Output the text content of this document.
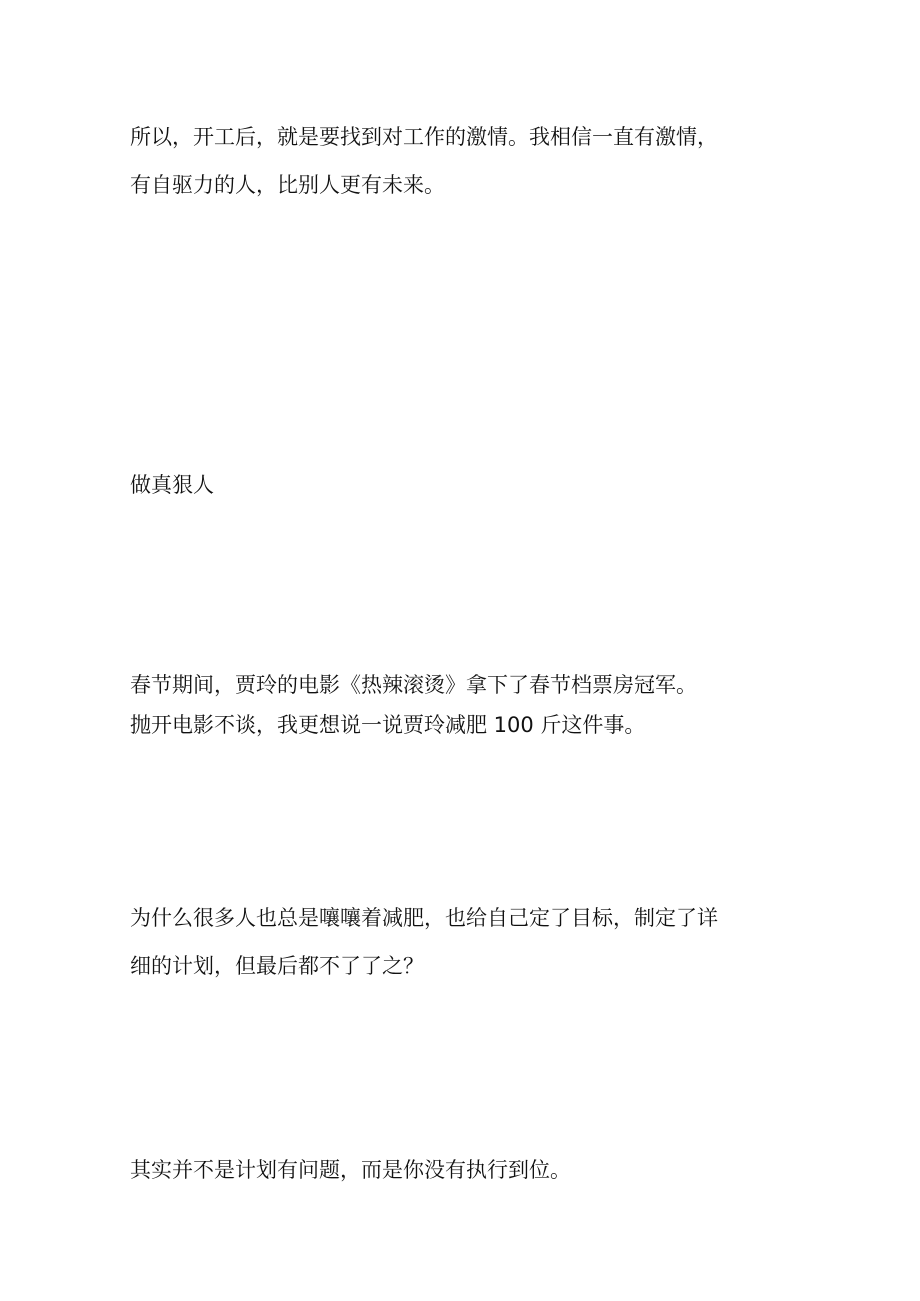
所以，开工后，就是要找到对工作的激情。我相信一直有激情，
有自驱力的人，比别人更有未来。

做真狠人

春节期间，贾玲的电影《热辣滚烫》拿下了春节档票房冠军。
抛开电影不谈，我更想说一说贾玲减肥 100 斤这件事。

为什么很多人也总是嚷嚷着减肥，也给自己定了目标，制定了详
细的计划，但最后都不了了之？

其实并不是计划有问题，而是你没有执行到位。
